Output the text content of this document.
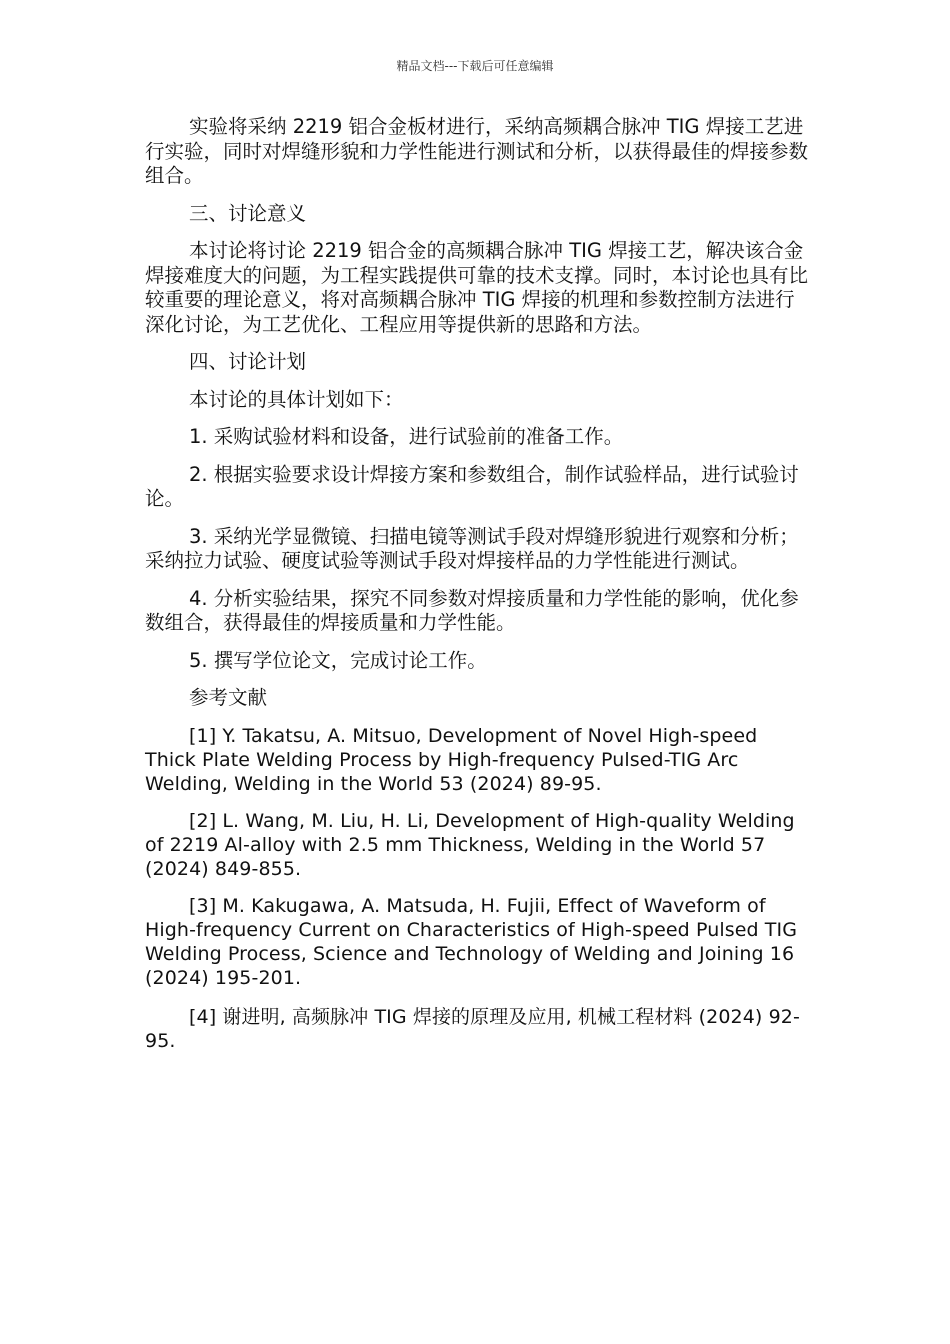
精品文档---下载后可任意编辑

实验将采纳 2219 铝合金板材进行，采纳高频耦合脉冲 TIG 焊接工艺进行实验，同时对焊缝形貌和力学性能进行测试和分析，以获得最佳的焊接参数组合。

三、讨论意义

本讨论将讨论 2219 铝合金的高频耦合脉冲 TIG 焊接工艺，解决该合金焊接难度大的问题，为工程实践提供可靠的技术支撑。同时，本讨论也具有比较重要的理论意义，将对高频耦合脉冲 TIG 焊接的机理和参数控制方法进行深化讨论，为工艺优化、工程应用等提供新的思路和方法。

四、讨论计划

本讨论的具体计划如下：

1. 采购试验材料和设备，进行试验前的准备工作。

2. 根据实验要求设计焊接方案和参数组合，制作试验样品，进行试验讨论。

3. 采纳光学显微镜、扫描电镜等测试手段对焊缝形貌进行观察和分析；采纳拉力试验、硬度试验等测试手段对焊接样品的力学性能进行测试。

4. 分析实验结果，探究不同参数对焊接质量和力学性能的影响，优化参数组合，获得最佳的焊接质量和力学性能。

5. 撰写学位论文，完成讨论工作。

参考文献

[1] Y. Takatsu, A. Mitsuo, Development of Novel High-speed Thick Plate Welding Process by High-frequency Pulsed-TIG Arc Welding, Welding in the World 53 (2024) 89-95.

[2] L. Wang, M. Liu, H. Li, Development of High-quality Welding of 2219 Al-alloy with 2.5 mm Thickness, Welding in the World 57 (2024) 849-855.

[3] M. Kakugawa, A. Matsuda, H. Fujii, Effect of Waveform of High-frequency Current on Characteristics of High-speed Pulsed TIG Welding Process, Science and Technology of Welding and Joining 16 (2024) 195-201.

[4] 谢进明, 高频脉冲 TIG 焊接的原理及应用, 机械工程材料 (2024) 92-95.
